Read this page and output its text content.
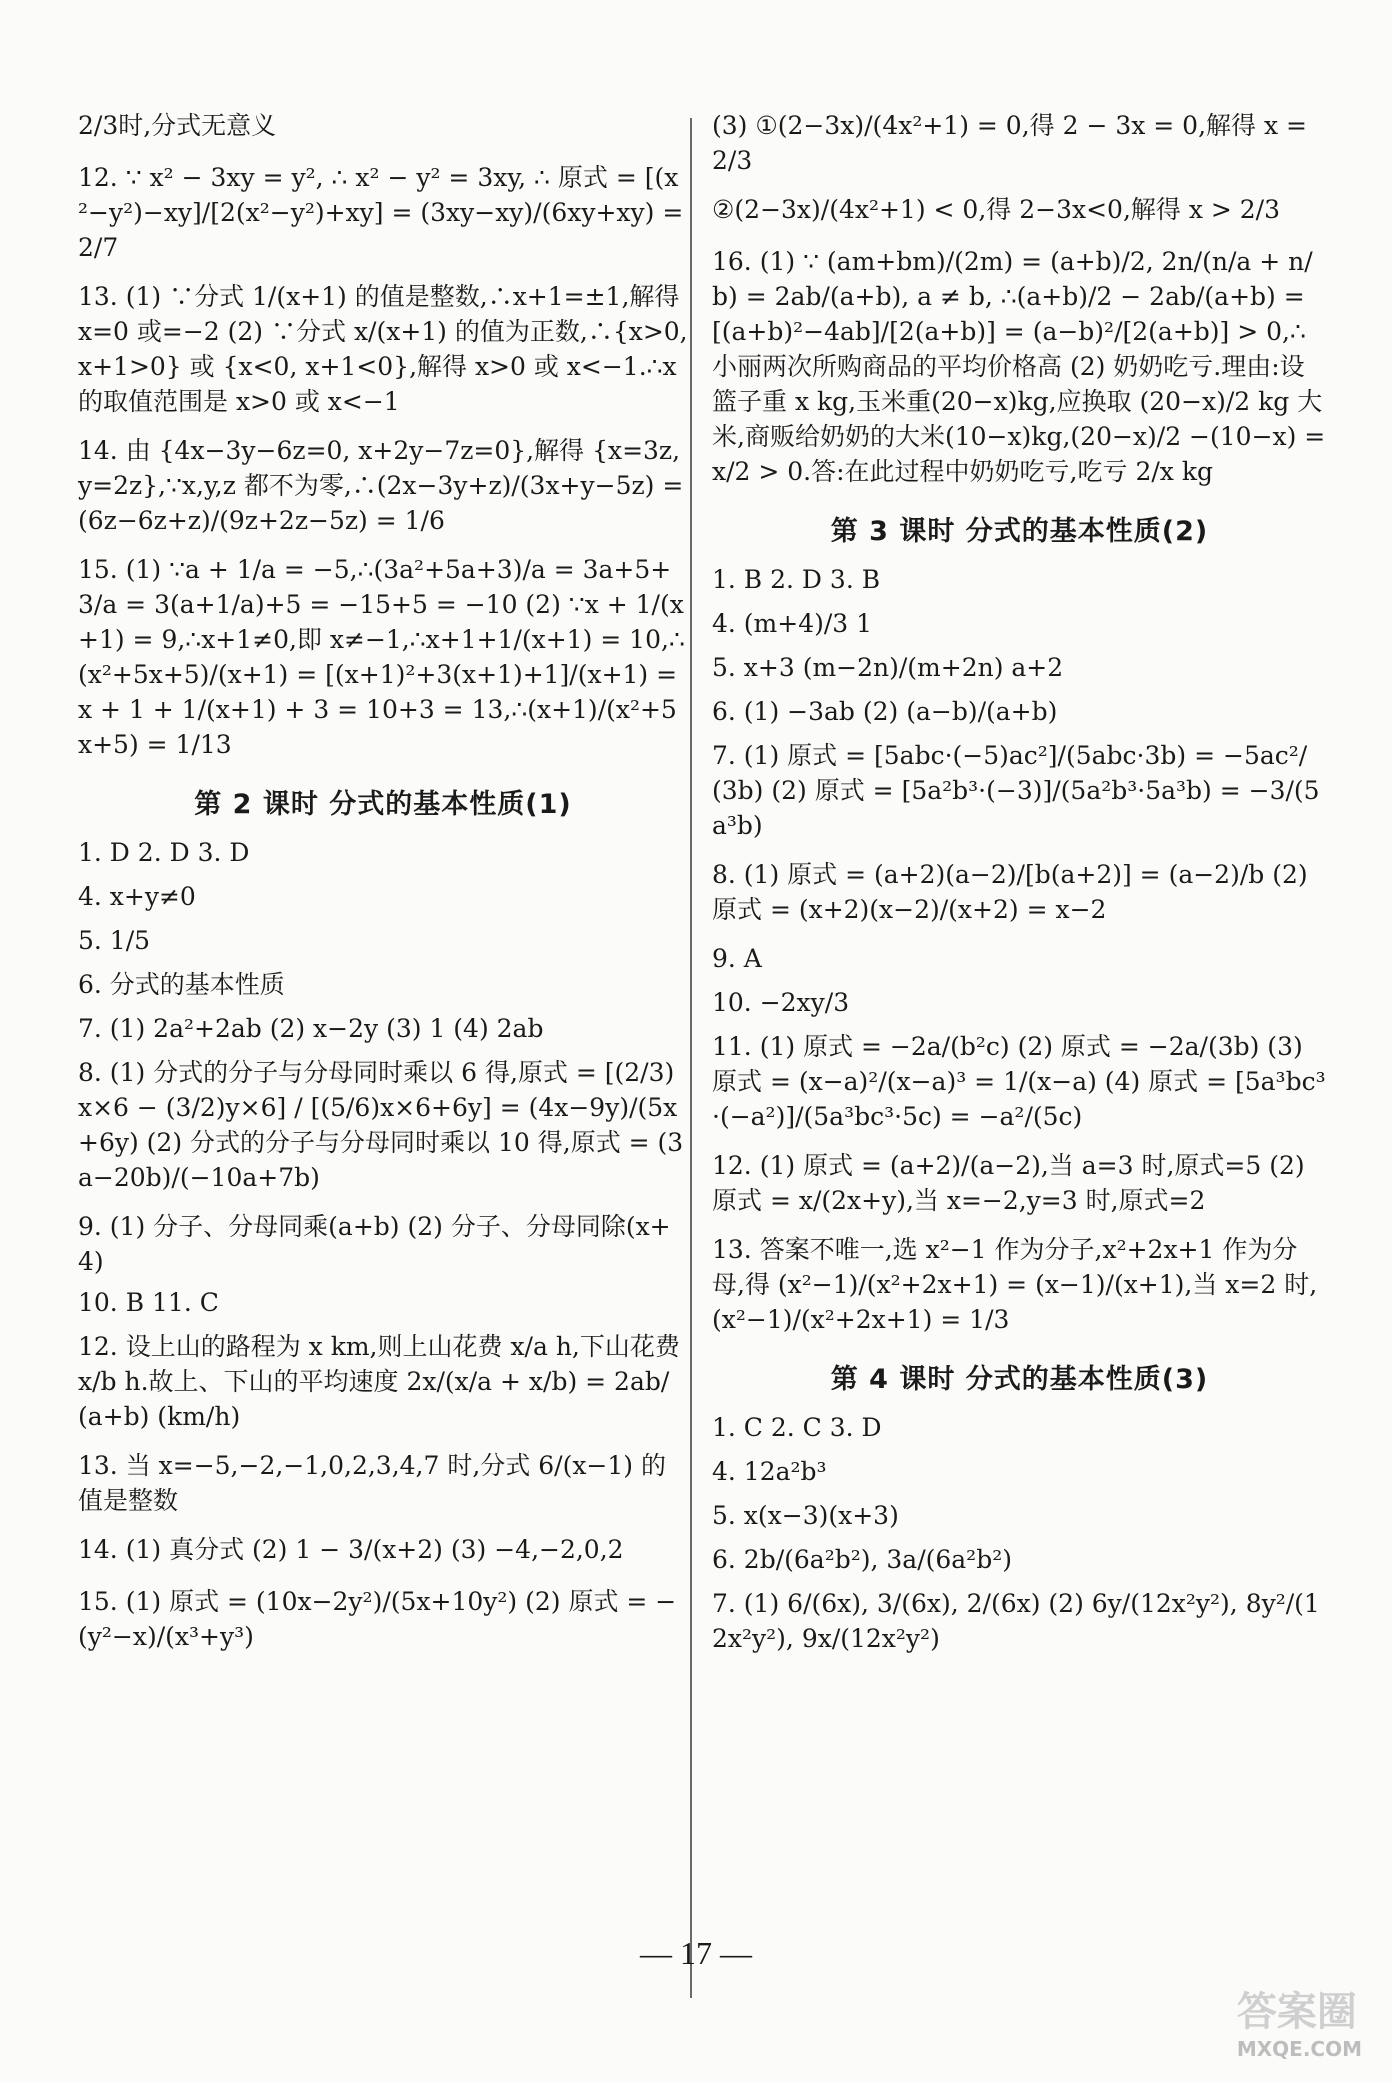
2/3时,分式无意义
12. ∵ x² − 3xy = y², ∴ x² − y² = 3xy, ∴ 原式 = [(x²−y²)−xy]/[2(x²−y²)+xy] = (3xy−xy)/(6xy+xy) = 2/7
13. (1) ∵分式 1/(x+1) 的值是整数,∴x+1=±1,解得 x=0 或=−2 (2) ∵分式 x/(x+1) 的值为正数,∴{x>0, x+1>0} 或 {x<0, x+1<0},解得 x>0 或 x<−1.∴x 的取值范围是 x>0 或 x<−1
14. 由 {4x−3y−6z=0, x+2y−7z=0},解得 {x=3z, y=2z},∵x,y,z 都不为零,∴(2x−3y+z)/(3x+y−5z) = (6z−6z+z)/(9z+2z−5z) = 1/6
15. (1) ∵a + 1/a = −5,∴(3a²+5a+3)/a = 3a+5+3/a = 3(a+1/a)+5 = −15+5 = −10 (2) ∵x + 1/(x+1) = 9,∴x+1≠0,即 x≠−1,∴x+1+1/(x+1) = 10,∴(x²+5x+5)/(x+1) = [(x+1)²+3(x+1)+1]/(x+1) = x + 1 + 1/(x+1) + 3 = 10+3 = 13,∴(x+1)/(x²+5x+5) = 1/13
第 2 课时 分式的基本性质(1)
1. D 2. D 3. D
4. x+y≠0
5. 1/5
6. 分式的基本性质
7. (1) 2a²+2ab (2) x−2y (3) 1 (4) 2ab
8. (1) 分式的分子与分母同时乘以 6 得,原式 = [(2/3)x×6 − (3/2)y×6] / [(5/6)x×6+6y] = (4x−9y)/(5x+6y) (2) 分式的分子与分母同时乘以 10 得,原式 = (3a−20b)/(−10a+7b)
9. (1) 分子、分母同乘(a+b) (2) 分子、分母同除(x+4)
10. B 11. C
12. 设上山的路程为 x km,则上山花费 x/a h,下山花费 x/b h.故上、下山的平均速度 2x/(x/a + x/b) = 2ab/(a+b) (km/h)
13. 当 x=−5,−2,−1,0,2,3,4,7 时,分式 6/(x−1) 的值是整数
14. (1) 真分式 (2) 1 − 3/(x+2) (3) −4,−2,0,2
15. (1) 原式 = (10x−2y²)/(5x+10y²) (2) 原式 = −(y²−x)/(x³+y³)
(3) ①(2−3x)/(4x²+1) = 0,得 2 − 3x = 0,解得 x = 2/3
②(2−3x)/(4x²+1) < 0,得 2−3x<0,解得 x > 2/3
16. (1) ∵ (am+bm)/(2m) = (a+b)/2, 2n/(n/a + n/b) = 2ab/(a+b), a ≠ b, ∴(a+b)/2 − 2ab/(a+b) = [(a+b)²−4ab]/[2(a+b)] = (a−b)²/[2(a+b)] > 0,∴小丽两次所购商品的平均价格高 (2) 奶奶吃亏.理由:设篮子重 x kg,玉米重(20−x)kg,应换取 (20−x)/2 kg 大米,商贩给奶奶的大米(10−x)kg,(20−x)/2 −(10−x) = x/2 > 0.答:在此过程中奶奶吃亏,吃亏 2/x kg
第 3 课时 分式的基本性质(2)
1. B 2. D 3. B
4. (m+4)/3 1
5. x+3 (m−2n)/(m+2n) a+2
6. (1) −3ab (2) (a−b)/(a+b)
7. (1) 原式 = [5abc·(−5)ac²]/(5abc·3b) = −5ac²/(3b) (2) 原式 = [5a²b³·(−3)]/(5a²b³·5a³b) = −3/(5a³b)
8. (1) 原式 = (a+2)(a−2)/[b(a+2)] = (a−2)/b (2) 原式 = (x+2)(x−2)/(x+2) = x−2
9. A
10. −2xy/3
11. (1) 原式 = −2a/(b²c) (2) 原式 = −2a/(3b) (3) 原式 = (x−a)²/(x−a)³ = 1/(x−a) (4) 原式 = [5a³bc³·(−a²)]/(5a³bc³·5c) = −a²/(5c)
12. (1) 原式 = (a+2)/(a−2),当 a=3 时,原式=5 (2) 原式 = x/(2x+y),当 x=−2,y=3 时,原式=2
13. 答案不唯一,选 x²−1 作为分子,x²+2x+1 作为分母,得 (x²−1)/(x²+2x+1) = (x−1)/(x+1),当 x=2 时,(x²−1)/(x²+2x+1) = 1/3
第 4 课时 分式的基本性质(3)
1. C 2. C 3. D
4. 12a²b³
5. x(x−3)(x+3)
6. 2b/(6a²b²), 3a/(6a²b²)
7. (1) 6/(6x), 3/(6x), 2/(6x) (2) 6y/(12x²y²), 8y²/(12x²y²), 9x/(12x²y²)
— 17 —
答案圈
MXQE.COM
